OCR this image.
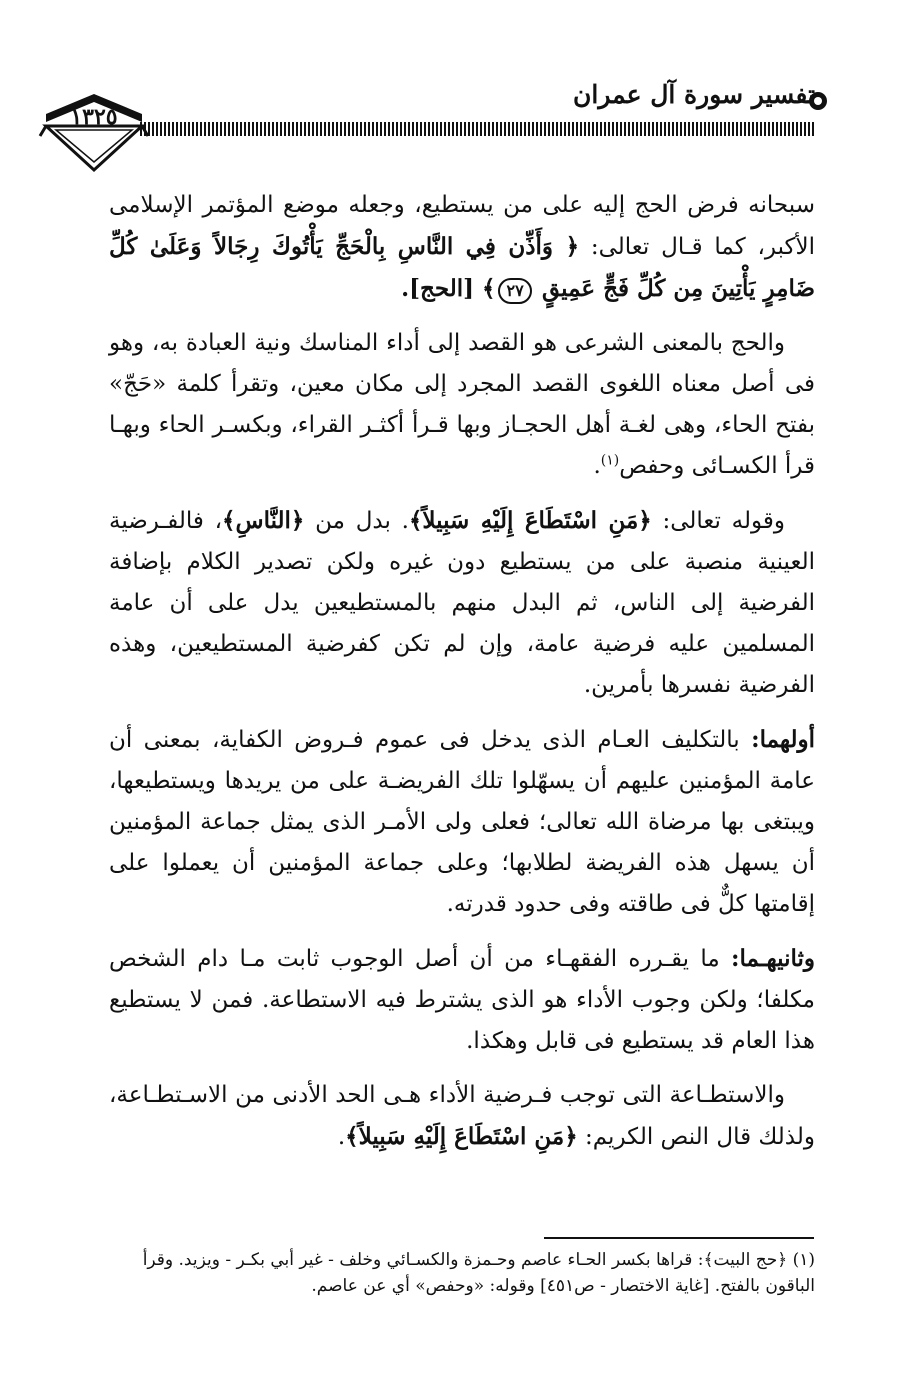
تفسير سورة آل عمران
١٣٢٥

سبحانه فرض الحج إليه على من يستطيع، وجعله موضع المؤتمر الإسلامى الأكبر، كما قـال تعالى: ﴿ وَأَذِّن فِي النَّاسِ بِالْحَجِّ يَأْتُوكَ رِجَالاً وَعَلَىٰ كُلِّ ضَامِرٍ يَأْتِينَ مِن كُلِّ فَجٍّ عَمِيقٍ ٢٧﴾ [الحج].

والحج بالمعنى الشرعى هو القصد إلى أداء المناسك ونية العبادة به، وهو فى أصل معناه اللغوى القصد المجرد إلى مكان معين، وتقرأ كلمة «حَجّ» بفتح الحاء، وهى لغـة أهل الحجـاز وبها قـرأ أكثـر القراء، وبكسـر الحاء وبهـا قرأ الكسـائى وحفص$^{(١)}$.

وقوله تعالى: ﴿مَنِ اسْتَطَاعَ إِلَيْهِ سَبِيلاً﴾. بدل من ﴿النَّاسِ﴾، فالفـرضية العينية منصبة على من يستطيع دون غيره ولكن تصدير الكلام بإضافة الفرضية إلى الناس، ثم البدل منهم بالمستطيعين يدل على أن عامة المسلمين عليه فرضية عامة، وإن لم تكن كفرضية المستطيعين، وهذه الفرضية نفسرها بأمرين.

أولهما: بالتكليف العـام الذى يدخل فى عموم فـروض الكفاية، بمعنى أن عامة المؤمنين عليهم أن يسهّلوا تلك الفريضـة على من يريدها ويستطيعها، ويبتغى بها مرضاة الله تعالى؛ فعلى ولى الأمـر الذى يمثل جماعة المؤمنين أن يسهل هذه الفريضة لطلابها؛ وعلى جماعة المؤمنين أن يعملوا على إقامتها كلٌّ فى طاقته وفى حدود قدرته.

وثانيهـما: ما يقـرره الفقهـاء من أن أصل الوجوب ثابت مـا دام الشخص مكلفا؛ ولكن وجوب الأداء هو الذى يشترط فيه الاستطاعة. فمن لا يستطيع هذا العام قد يستطيع فى قابل وهكذا.

والاستطـاعة التى توجب فـرضية الأداء هـى الحد الأدنى من الاسـتطـاعة، ولذلك قال النص الكريم: ﴿مَنِ اسْتَطَاعَ إِلَيْهِ سَبِيلاً﴾.

(١) ﴿حج البيت﴾: قراها بكسر الحـاء عاصم وحـمزة والكسـائي وخلف - غير أبي بكـر - ويزيد. وقرأ

الباقون بالفتح. [غاية الاختصار - ص٤٥١] وقوله: «وحفص» أي عن عاصم.
